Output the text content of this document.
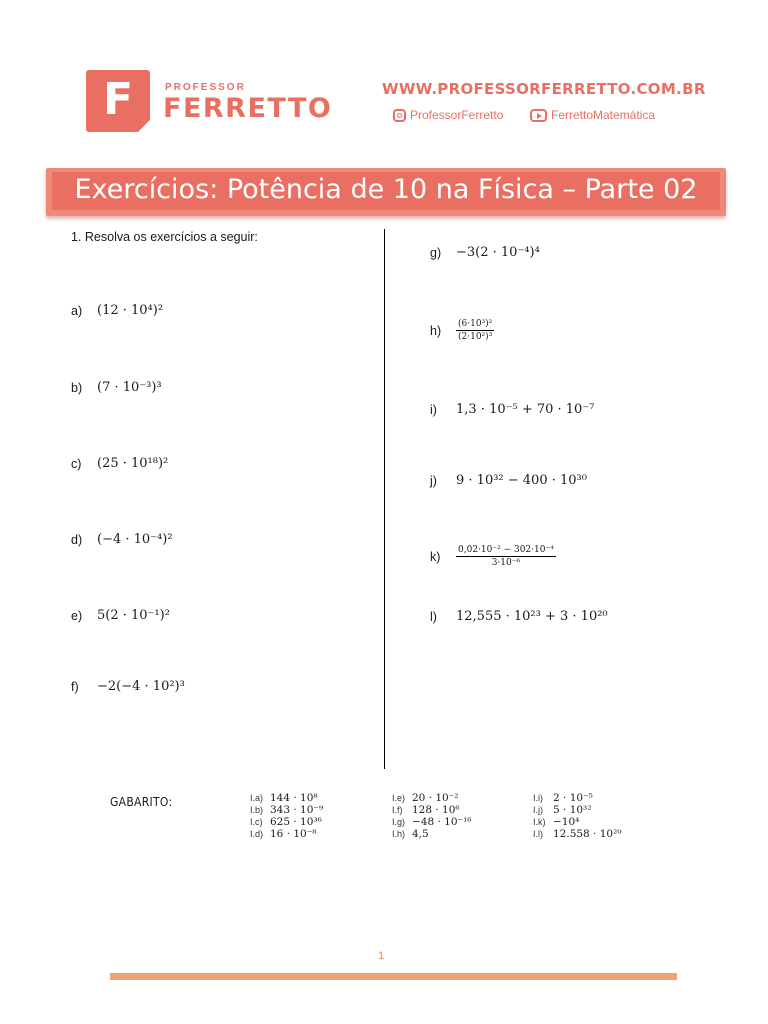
F	PROFESSOR
FERRETTO
WWW.PROFESSORFERRETTO.COM.BR
ProfessorFerretto	FerrettoMatemática
Exercícios: Potência de 10 na Física – Parte 02
1. Resolva os exercícios a seguir:
a)	(12 · 10⁴)²
b)	(7 · 10⁻³)³
c)	(25 · 10¹⁸)²
d)	(−4 · 10⁻⁴)²
e)	5(2 · 10⁻¹)²
f)	−2(−4 · 10²)³
g)	−3(2 · 10⁻⁴)⁴
h)	$\frac{\text{(6·10³)²}}{\text{(2·10²)³}}$
i)	1,3 · 10⁻⁵ + 70 · 10⁻⁷
j)	9 · 10³² − 400 · 10³⁰
k)	$\frac{\text{0,02·10⁻² − 302·10⁻⁴}}{\text{3·10⁻⁶}}$
l)	12,555 · 10²³ + 3 · 10²⁰
GABARITO:	I.a) 144 · 10⁸
I.b) 343 · 10⁻⁹
I.c) 625 · 10³⁶
I.d) 16 · 10⁻⁸
I.e) 20 · 10⁻²
I.f) 128 · 10⁶
I.g) −48 · 10⁻¹⁶
I.h) 4,5
I.i) 2 · 10⁻⁵
I.j) 5 · 10³²
I.k) −10⁴
I.l) 12.558 · 10²⁰
1
